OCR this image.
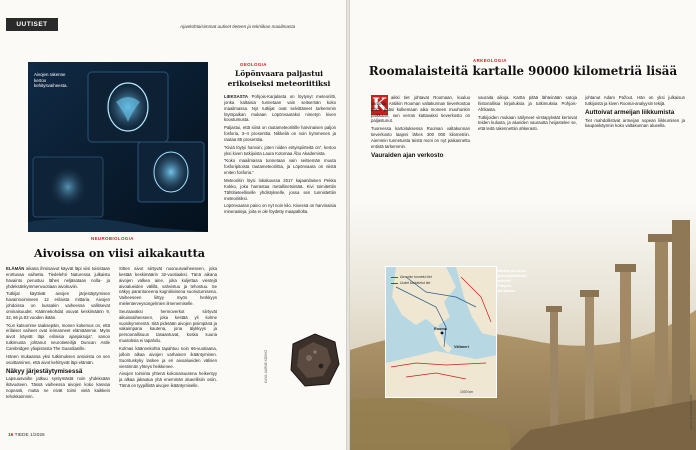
UUTISET	Ajankohtaisimmat uutiset tieteen ja tekniikan maailmasta
Aivojen rakenne kertoo kehitysvaiheesta.
NEUROBIOLOGIA
Aivoissa on viisi aikakautta

ELÄMÄN aikana ihmisaivot käyvät läpi viisi toisistaan erottuvaa vaihetta. Tiedelehti Naturessa julkaistu havainto perustuu lähes neljäsataan nolla- ja yhdeksänkymmenvuotiaan aivokuviin.

Tutkijat käyttivät aivojen järjestäytymisen havainnoimiseen 12 erilaista mittaria. Aivojen johdoissa on kussakin vaiheessa vallitsevat ominaisuudet. Käännekohdat osuvat keskimäärin 9, 32, 66 ja 83 vuoden ikään.

”Kun katsomme taaksepäin, monen kokemus on, että erilaiset vaiheet ovat leimanneet elämäämme. Myös aivot käyvät läpi erilaisia ajanjaksoja”, sanoo tutkimusta johtanut neurotieteilijä Duncan Astle Cambridgen yliopistosta The Guardianille.

Hänen mukaansa yksi tutkimuksen ansioista on sen osoittaminen, että aivot kehittyvät läpi elämän.

Näkyy järjestäytymisessä

Lapsuusvaihe jatkuu syntymästä noin yhdeksään ikävuoteen. Tässä vaiheessa aivojen koko kasvaa nopeasti, mutta ne eivät toimi vielä kaikkein tehokkaimmin.

Sitten aivot siirtyvät nuoruusvaiheeseen, joka kestää keskimäärin 32-vuotiaaksi. Tänä aikana aivojen valkea aine, joka kuljettaa viestejä aivoalueiden välillä, vahvistuu ja tehostuu. Se näkyy parantuneena kognitiivisena suoriutumisena. Vaiheeseen liittyy myös herkkyys mielenterveysongelmien ilmenemiselle.

Seuraavaksi hermoverkot siirtyvät aikuisvaiheeseen, joka kestää yli kolme vuosikymmentä. Sitä pidetään aivojen pisimpänä ja vakaimpana kautena, jona älykkyys ja persoonallisuus tasaantuvat, koska suuria muutoksia ei tapahdu.

Kolmas käännekohta tapahtuu noin 66-vuotiaana, jolloin alkaa aivojen varhainen ikääntyminen. Suorituskyky laskee ja eri aivoalueiden välisen viestinnän yhteys heikkenee.

Aivojen toiminta yhtenä kokonaisuutena heikentyy ja alkaa jakautua yhä enemmän alueellisiin osiin. Tämä on tyypillistä aivojen ikääntymiselle.

GEOLOGIA
Löpönvaara paljastui erikoiseksi meteoriitiksi

LIEKSASTA Pohjois-Karjalasta on löytynyt meteoriitti, jonka kaltaisia tunnetaan vain seitsemän koko maailmassa. Nyt tutkijat ovat selvittäneet tarkemmin löytöpaikan mukaan Löpönvaaraksi nimetyn kiven koostumusta.

Paljastui, että siinä on rautameteoriitille harvinaisen paljon fosforia, 3–4 prosenttia. Nikkeliä on noin kymmenen ja rautaa 85 prosenttia.

”Kiviä löytyi harvoin, joten niiden erityispiirteitä on”, kertoo yksi kiven tutkijoista Laura Kotomaa Åbo Akademista.

”Koko maailmassa tunnetaan vain seitsemän muuta fosforipitoista rautameteoriittia, ja Löpönvaara on niistä eniten fosforia.”

Meteoriitin löysi lokakuussa 2017 kajaanilainen Pekka Kokko, joka harrastaa metallinetsintää. Kivi toimitettiin Tähtitieteelliselle yhdistykselle, jossa sen tunnistettiin meteoriitiksi.

Löpönvaaran paino on nyt noin kilo. Kivessä on harvinaisia mineraaleja, joita ei ole löydetty maapallolta.

KUVA: AARNE KOKKO
16 TIEDE 1/2026
ARKEOLOGIA
Roomalaisteitä kartalle 90000 kilometriä lisää
K aikki tiet johtavat Roomaan, kuuluu sanonta. Antiikin Rooman valtakunnan tieverkostoa pitkin pääsi kulkemaan aika moneen muuhunkin paikkaan, sen verran kattavaksi tieverkosto on paljastunut.

Tuoreessa kartoituksessa Rooman valtakunnan tieverkosto laajeni lähes 300 000 kilometriin. Aiemmin tunnetuista teistä moni on nyt paikannettu entistä tarkemmin.

Vauraiden ajan verkosto

vauraita aikoja. Kartta pitää lähteinään satoja historiallisia kirjoituksia ja tutkimuksia Pohjois-Afrikasta.

Tutkijoiden mukaan säilyneet virstapylväät kertovat teiden kulusta, ja alueiden vaurautta heijastelee se, että teitä rakennettiin ahkerasti.

johtanut Adam Pažout. Hän on yksi julkaisun tutkijoista ja kiven Rooma-analyysin tekijä.

Auttoivat armeijan liikkumista

Tiet mahdollistivat armeijan nopean liikkumisen ja kaupankäynnin koko valtakunnan alueella.

Aiemmin tunnetut tiet
Uudet kartoitetut tiet
Rooma
Välimeri
1000 km
Vanhat tiet ovat peruskartoitettu tarkasti Pohjois-Afrikassa.
KUVA: SHUTTERSTOCK
